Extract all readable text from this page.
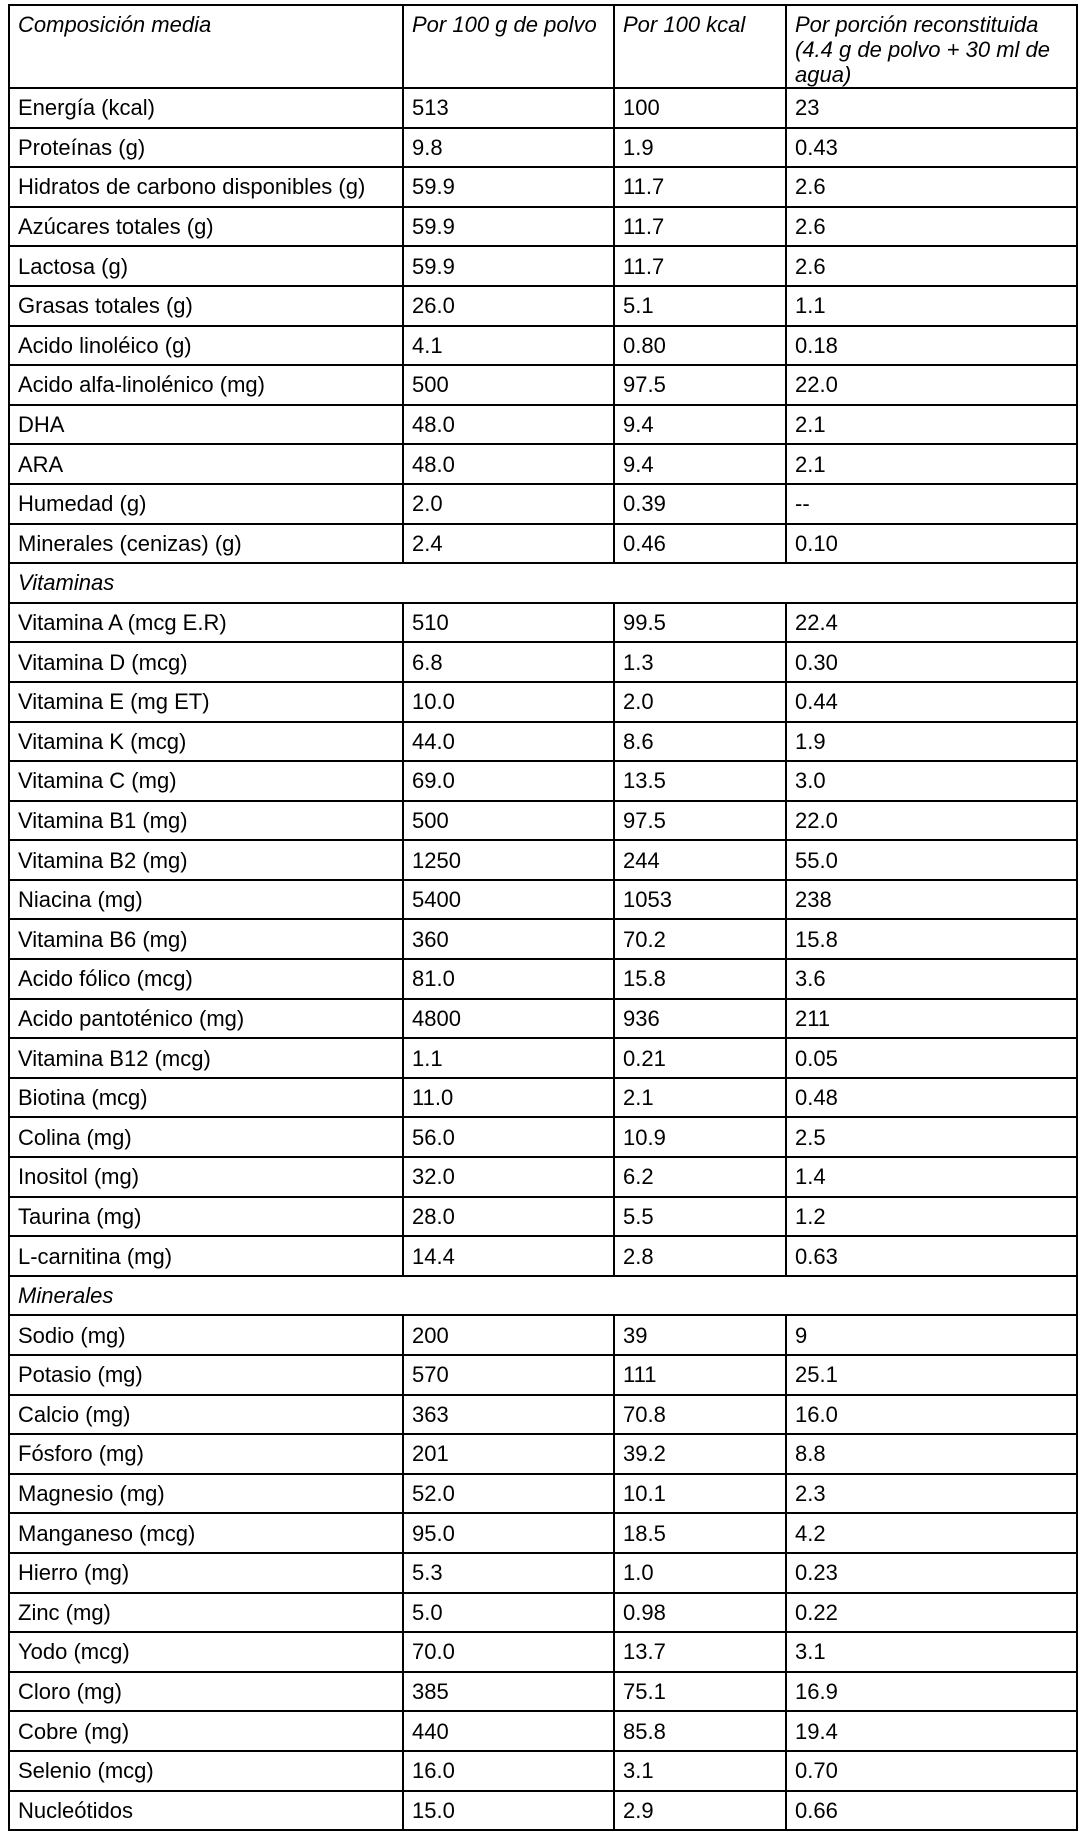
Composición media	Por 100 g de polvo	Por 100 kcal	Por porción reconstituida (4.4 g de polvo + 30 ml de agua)
Energía (kcal)	513	100	23
Proteínas (g)	9.8	1.9	0.43
Hidratos de carbono disponibles (g)	59.9	11.7	2.6
Azúcares totales (g)	59.9	11.7	2.6
Lactosa (g)	59.9	11.7	2.6
Grasas totales (g)	26.0	5.1	1.1
Acido linoléico (g)	4.1	0.80	0.18
Acido alfa-linolénico (mg)	500	97.5	22.0
DHA	48.0	9.4	2.1
ARA	48.0	9.4	2.1
Humedad (g)	2.0	0.39	--
Minerales (cenizas) (g)	2.4	0.46	0.10
Vitaminas			
Vitamina A (mcg E.R)	510	99.5	22.4
Vitamina D (mcg)	6.8	1.3	0.30
Vitamina E (mg ET)	10.0	2.0	0.44
Vitamina K (mcg)	44.0	8.6	1.9
Vitamina C (mg)	69.0	13.5	3.0
Vitamina B1 (mg)	500	97.5	22.0
Vitamina B2 (mg)	1250	244	55.0
Niacina (mg)	5400	1053	238
Vitamina B6 (mg)	360	70.2	15.8
Acido fólico (mcg)	81.0	15.8	3.6
Acido pantoténico (mg)	4800	936	211
Vitamina B12 (mcg)	1.1	0.21	0.05
Biotina (mcg)	11.0	2.1	0.48
Colina (mg)	56.0	10.9	2.5
Inositol (mg)	32.0	6.2	1.4
Taurina (mg)	28.0	5.5	1.2
L-carnitina (mg)	14.4	2.8	0.63
Minerales			
Sodio (mg)	200	39	9
Potasio (mg)	570	111	25.1
Calcio (mg)	363	70.8	16.0
Fósforo (mg)	201	39.2	8.8
Magnesio (mg)	52.0	10.1	2.3
Manganeso (mcg)	95.0	18.5	4.2
Hierro (mg)	5.3	1.0	0.23
Zinc (mg)	5.0	0.98	0.22
Yodo (mcg)	70.0	13.7	3.1
Cloro (mg)	385	75.1	16.9
Cobre (mg)	440	85.8	19.4
Selenio (mcg)	16.0	3.1	0.70
Nucleótidos	15.0	2.9	0.66
